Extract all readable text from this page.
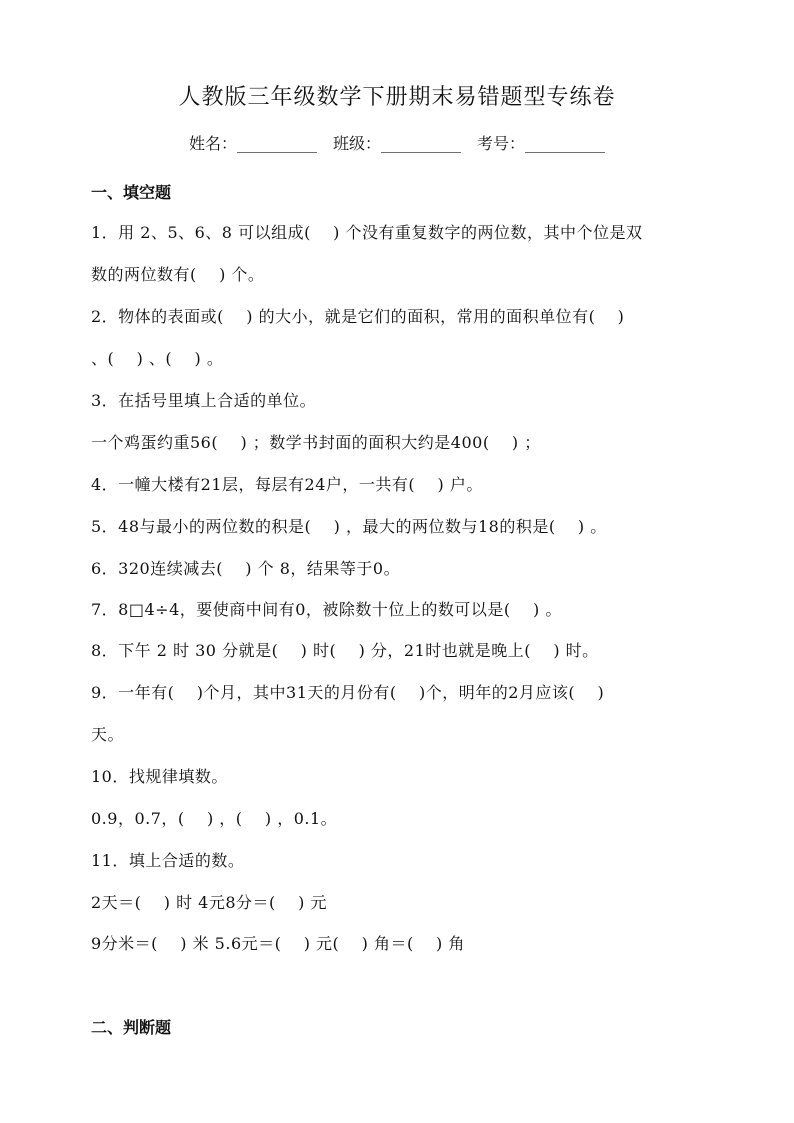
人教版三年级数学下册期末易错题型专练卷
姓名：__________ 班级：__________ 考号：__________
一、填空题
1．用 2、5、6、8 可以组成(    ) 个没有重复数字的两位数，其中个位是双
数的两位数有(    ) 个。
2．物体的表面或(    ) 的大小，就是它们的面积，常用的面积单位有(    )
、(    ) 、(    ) 。
3．在括号里填上合适的单位。
一个鸡蛋约重56(    ) ；数学书封面的面积大约是400(    ) ；
4．一幢大楼有21层，每层有24户，一共有(    ) 户。
5．48与最小的两位数的积是(    ) ，最大的两位数与18的积是(    ) 。
6．320连续减去(    ) 个 8，结果等于0。
7．8□4÷4，要使商中间有0，被除数十位上的数可以是(    ) 。
8．下午 2 时 30 分就是(    ) 时(    ) 分，21时也就是晚上(    ) 时。
9．一年有(    )个月，其中31天的月份有(    )个，明年的2月应该(    )
天。
10．找规律填数。
0.9，0.7，(    ) ，(    ) ，0.1。
11．填上合适的数。
2天＝(    ) 时 4元8分＝(    ) 元
9分米＝(    ) 米 5.6元＝(    ) 元(    ) 角＝(    ) 角
二、判断题
